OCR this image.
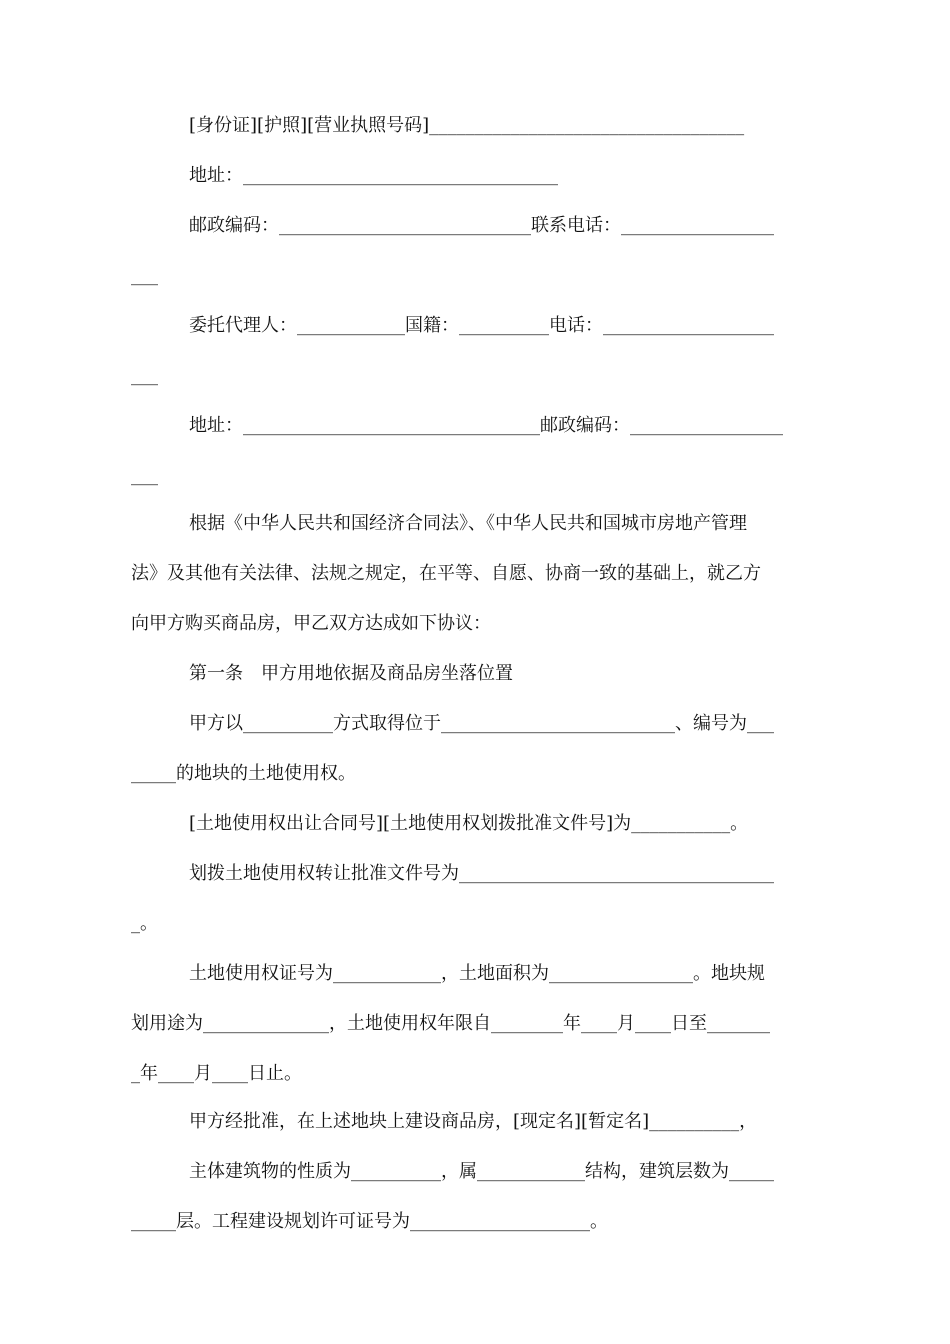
[身份证][护照][营业执照号码]___________________________________
地址：___________________________________
邮政编码：____________________________联系电话：_________________
___
委托代理人：____________国籍：__________电话：___________________
___
地址：_________________________________邮政编码：_________________
___
根据《中华人民共和国经济合同法》、《中华人民共和国城市房地产管理
法》及其他有关法律、法规之规定，在平等、自愿、协商一致的基础上，就乙方
向甲方购买商品房，甲乙双方达成如下协议：
第一条　甲方用地依据及商品房坐落位置
甲方以__________方式取得位于__________________________、编号为___
_____的地块的土地使用权。
[土地使用权出让合同号][土地使用权划拨批准文件号]为___________。
划拨土地使用权转让批准文件号为___________________________________
_。
土地使用权证号为____________，土地面积为________________。地块规
划用途为______________，土地使用权年限自________年____月____日至_______
_年____月____日止。
甲方经批准，在上述地块上建设商品房，[现定名][暂定名]__________，
主体建筑物的性质为__________，属____________结构，建筑层数为_____
_____层。工程建设规划许可证号为____________________。
